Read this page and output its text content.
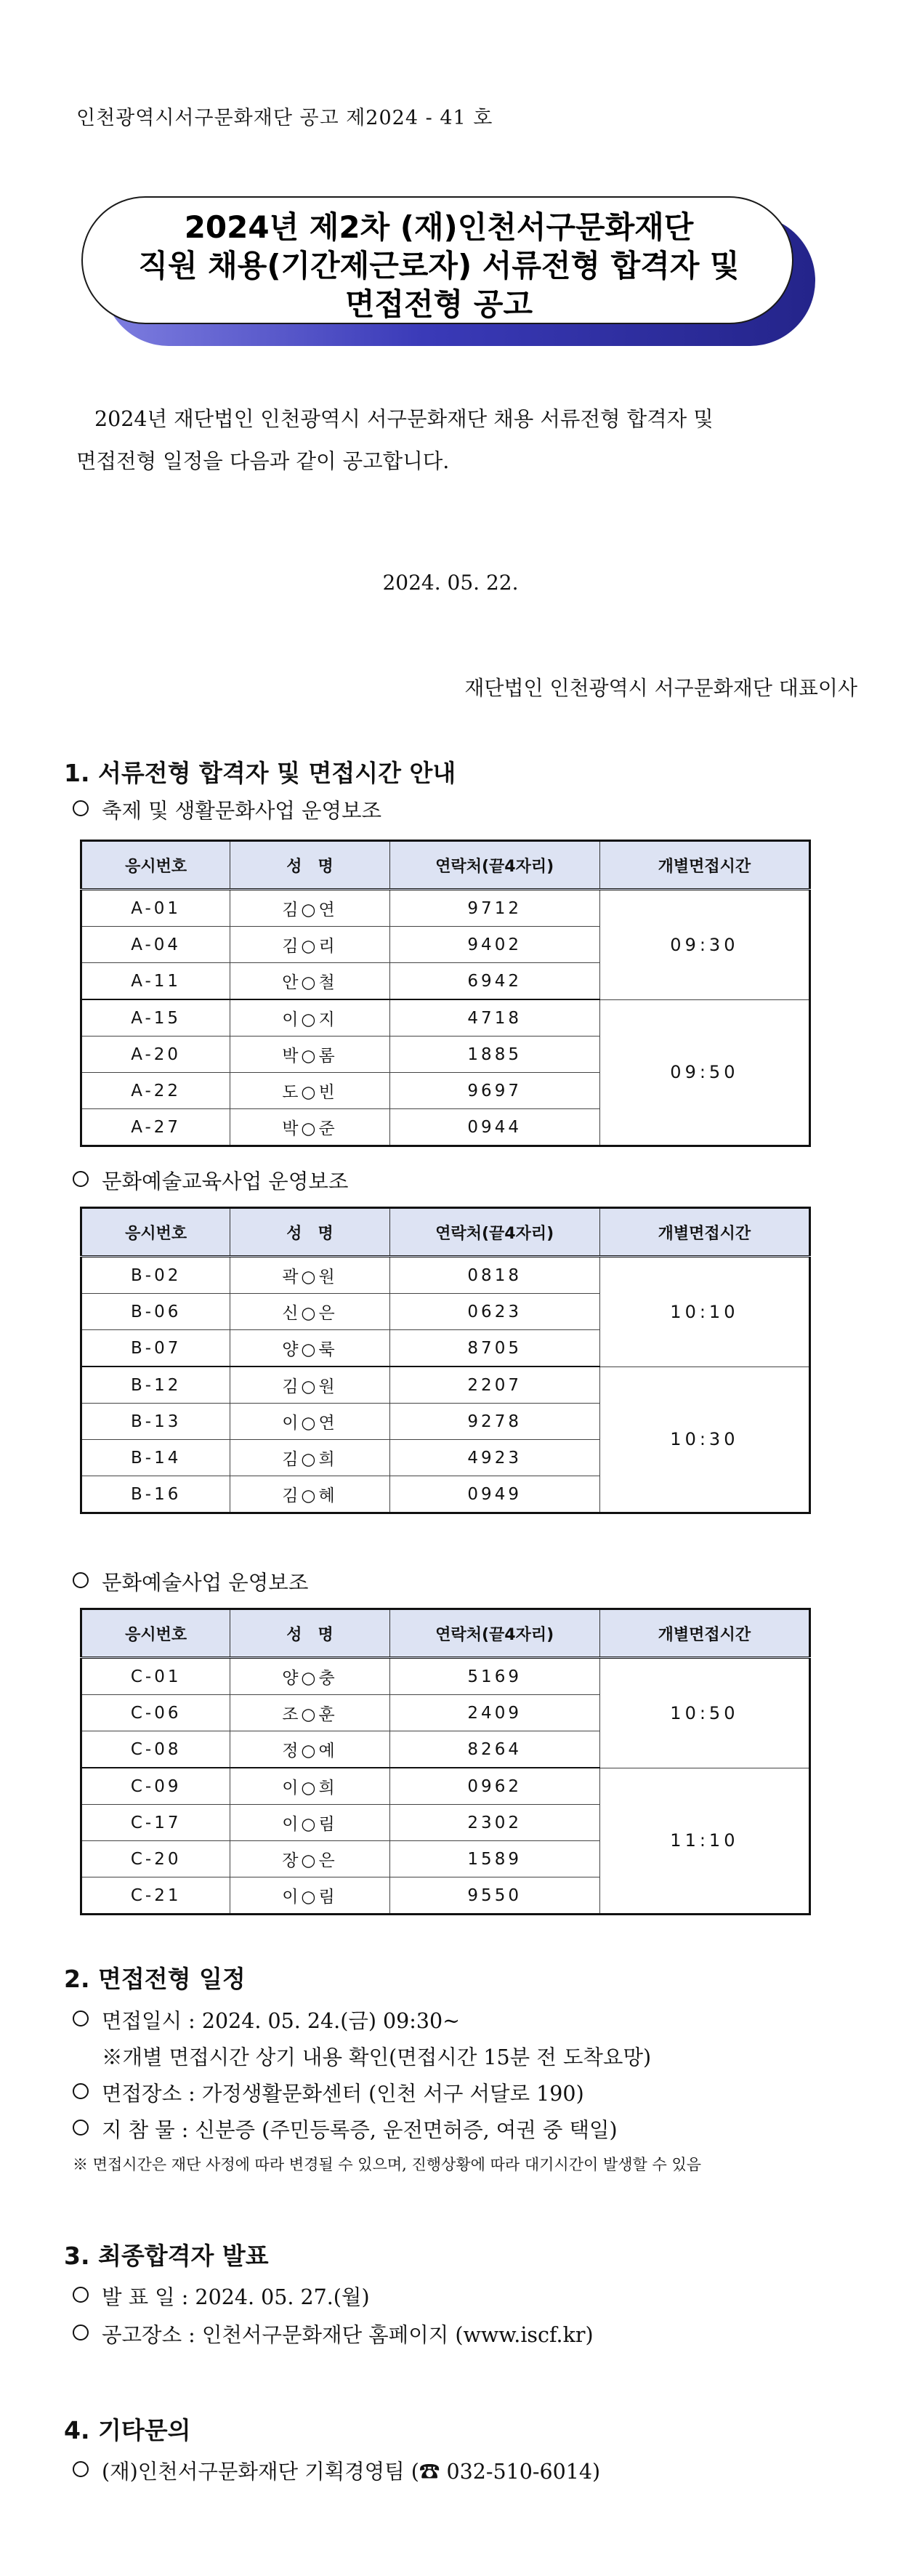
인천광역시서구문화재단 공고 제2024 - 41 호
2024년 제2차 (재)인천서구문화재단
직원 채용(기간제근로자) 서류전형 합격자 및
면접전형 공고
2024년 재단법인 인천광역시 서구문화재단 채용 서류전형 합격자 및
면접전형 일정을 다음과 같이 공고합니다.
2024. 05. 22.
재단법인 인천광역시 서구문화재단 대표이사
1. 서류전형 합격자 및 면접시간 안내
축제 및 생활문화사업 운영보조
응시번호	성　명	연락처(끝4자리)	개별면접시간
A-01	김○연	9712	09:30
A-04	김○리	9402	
A-11	안○철	6942	
A-15	이○지	4718	09:50
A-20	박○롬	1885	
A-22	도○빈	9697	
A-27	박○준	0944	
문화예술교육사업 운영보조
응시번호	성　명	연락처(끝4자리)	개별면접시간
B-02	곽○원	0818	10:10
B-06	신○은	0623	
B-07	양○룩	8705	
B-12	김○원	2207	10:30
B-13	이○연	9278	
B-14	김○희	4923	
B-16	김○혜	0949	
문화예술사업 운영보조
응시번호	성　명	연락처(끝4자리)	개별면접시간
C-01	양○충	5169	10:50
C-06	조○훈	2409	
C-08	정○예	8264	
C-09	이○희	0962	11:10
C-17	이○림	2302	
C-20	장○은	1589	
C-21	이○림	9550	
2. 면접전형 일정
면접일시 : 2024. 05. 24.(금) 09:30~
※개별 면접시간 상기 내용 확인(면접시간 15분 전 도착요망)
면접장소 : 가정생활문화센터 (인천 서구 서달로 190)
지 참 물 : 신분증 (주민등록증, 운전면허증, 여권 중 택일)
※ 면접시간은 재단 사정에 따라 변경될 수 있으며, 진행상황에 따라 대기시간이 발생할 수 있음
3. 최종합격자 발표
발 표 일 : 2024. 05. 27.(월)
공고장소 : 인천서구문화재단 홈페이지 (www.iscf.kr)
4. 기타문의
(재)인천서구문화재단 기획경영팀 (☎ 032-510-6014)
